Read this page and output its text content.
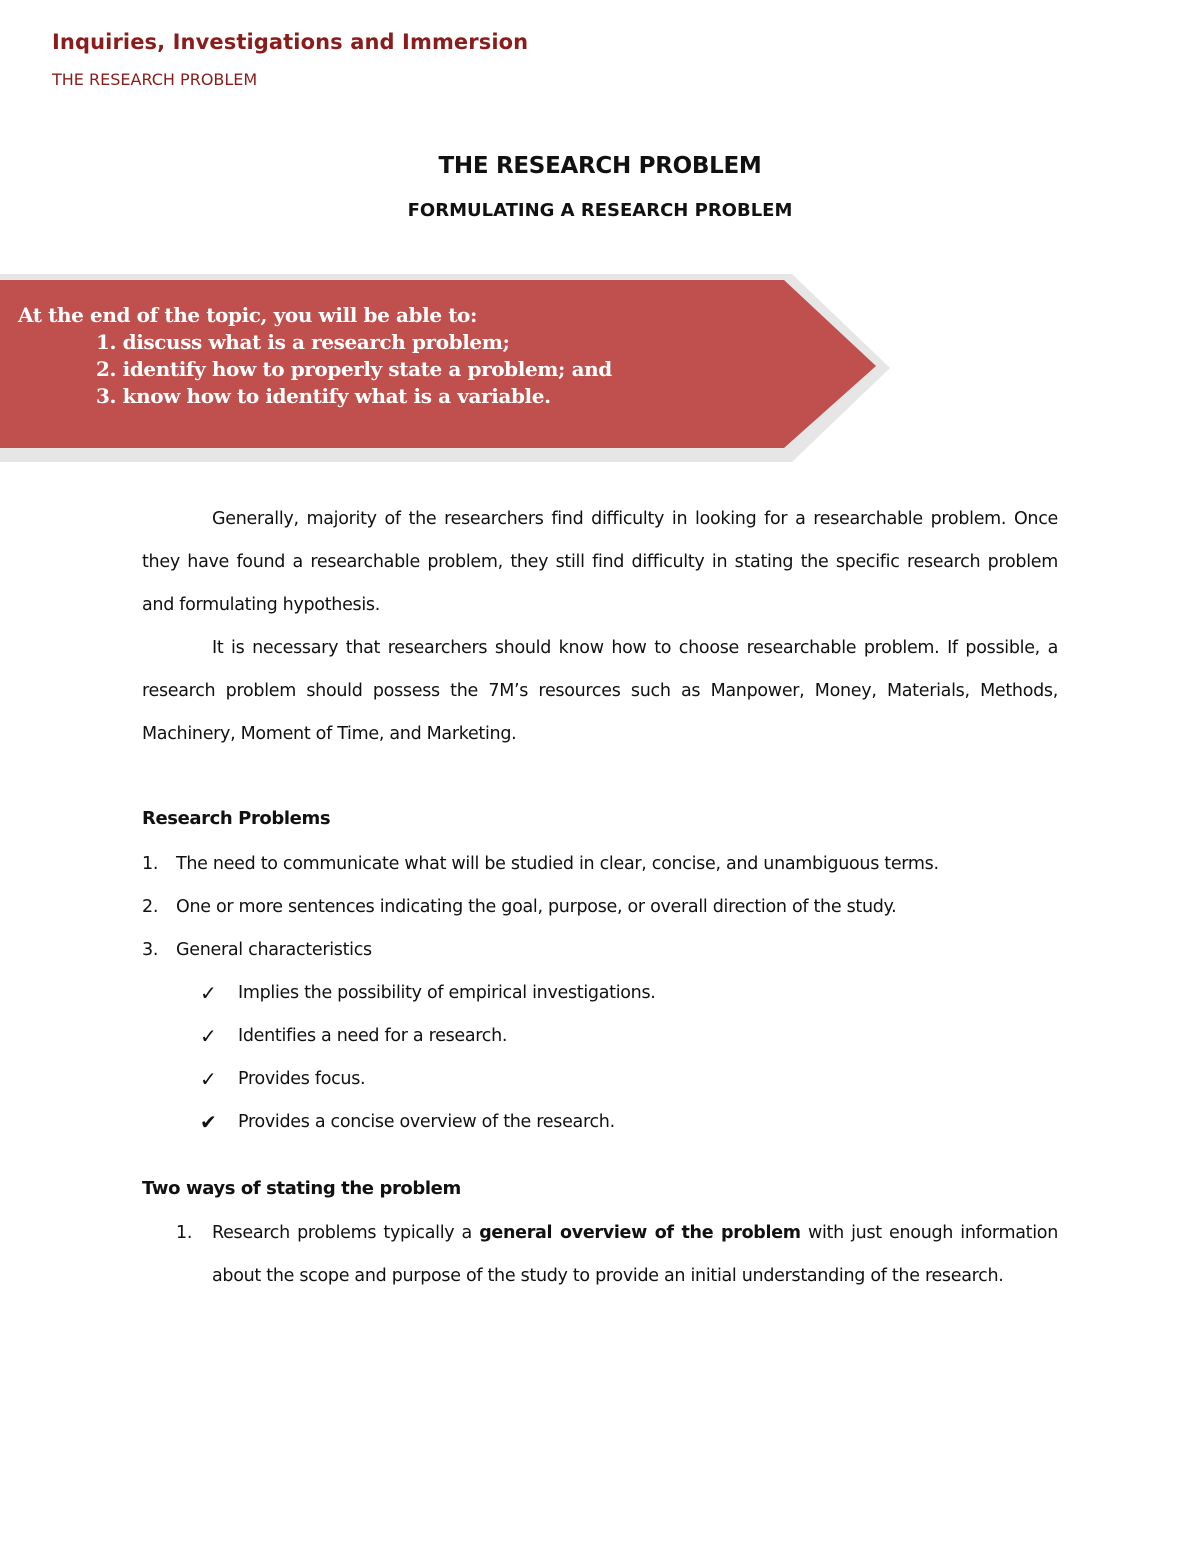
Inquiries, Investigations and Immersion
THE RESEARCH PROBLEM
THE RESEARCH PROBLEM
FORMULATING A RESEARCH PROBLEM
At the end of the topic, you will be able to:
1. discuss what is a research problem;
2. identify how to properly state a problem; and
3. know how to identify what is a variable.

Generally, majority of the researchers find difficulty in looking for a researchable problem. Once they have found a researchable problem, they still find difficulty in stating the specific research problem and formulating hypothesis.

It is necessary that researchers should know how to choose researchable problem. If possible, a research problem should possess the 7M’s resources such as Manpower, Money, Materials, Methods, Machinery, Moment of Time, and Marketing.

Research Problems
1. The need to communicate what will be studied in clear, concise, and unambiguous terms.
2. One or more sentences indicating the goal, purpose, or overall direction of the study.
3. General characteristics
✓ Implies the possibility of empirical investigations.
✓ Identifies a need for a research.
✓ Provides focus.
✔ Provides a concise overview of the research.
Two ways of stating the problem
1. Research problems typically a general overview of the problem with just enough information about the scope and purpose of the study to provide an initial understanding of the research.
